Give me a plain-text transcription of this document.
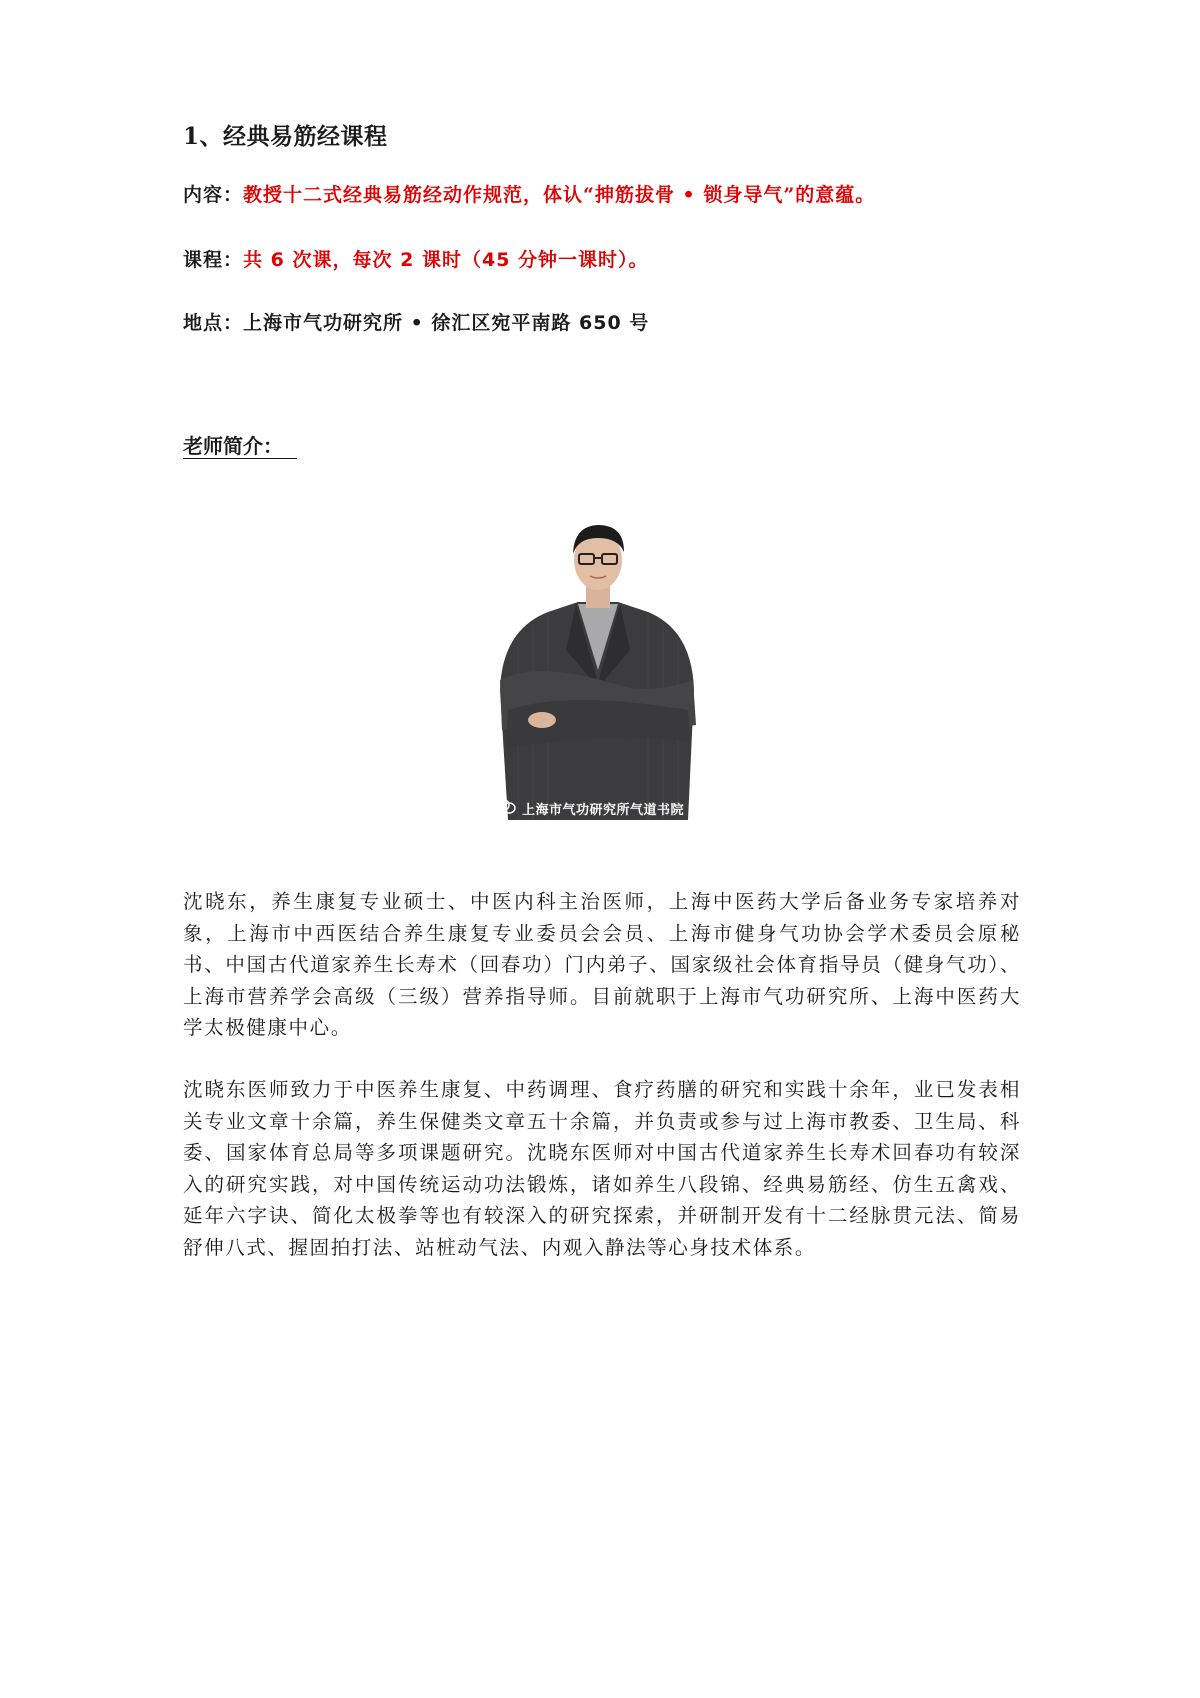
1、经典易筋经课程

内容：教授十二式经典易筋经动作规范，体认“抻筋拔骨 • 锁身导气”的意蕴。

课程：共 6 次课，每次 2 课时（45 分钟一课时）。

地点：上海市气功研究所 • 徐汇区宛平南路 650 号

老师简介：
上海市气功研究所气道书院

沈晓东，养生康复专业硕士、中医内科主治医师，上海中医药大学后备业务专家培养对象，上海市中西医结合养生康复专业委员会会员、上海市健身气功协会学术委员会原秘书、中国古代道家养生长寿术（回春功）门内弟子、国家级社会体育指导员（健身气功）、上海市营养学会高级（三级）营养指导师。目前就职于上海市气功研究所、上海中医药大学太极健康中心。

沈晓东医师致力于中医养生康复、中药调理、食疗药膳的研究和实践十余年，业已发表相关专业文章十余篇，养生保健类文章五十余篇，并负责或参与过上海市教委、卫生局、科委、国家体育总局等多项课题研究。沈晓东医师对中国古代道家养生长寿术回春功有较深入的研究实践，对中国传统运动功法锻炼，诸如养生八段锦、经典易筋经、仿生五禽戏、延年六字诀、简化太极拳等也有较深入的研究探索，并研制开发有十二经脉贯元法、简易舒伸八式、握固拍打法、站桩动气法、内观入静法等心身技术体系。
